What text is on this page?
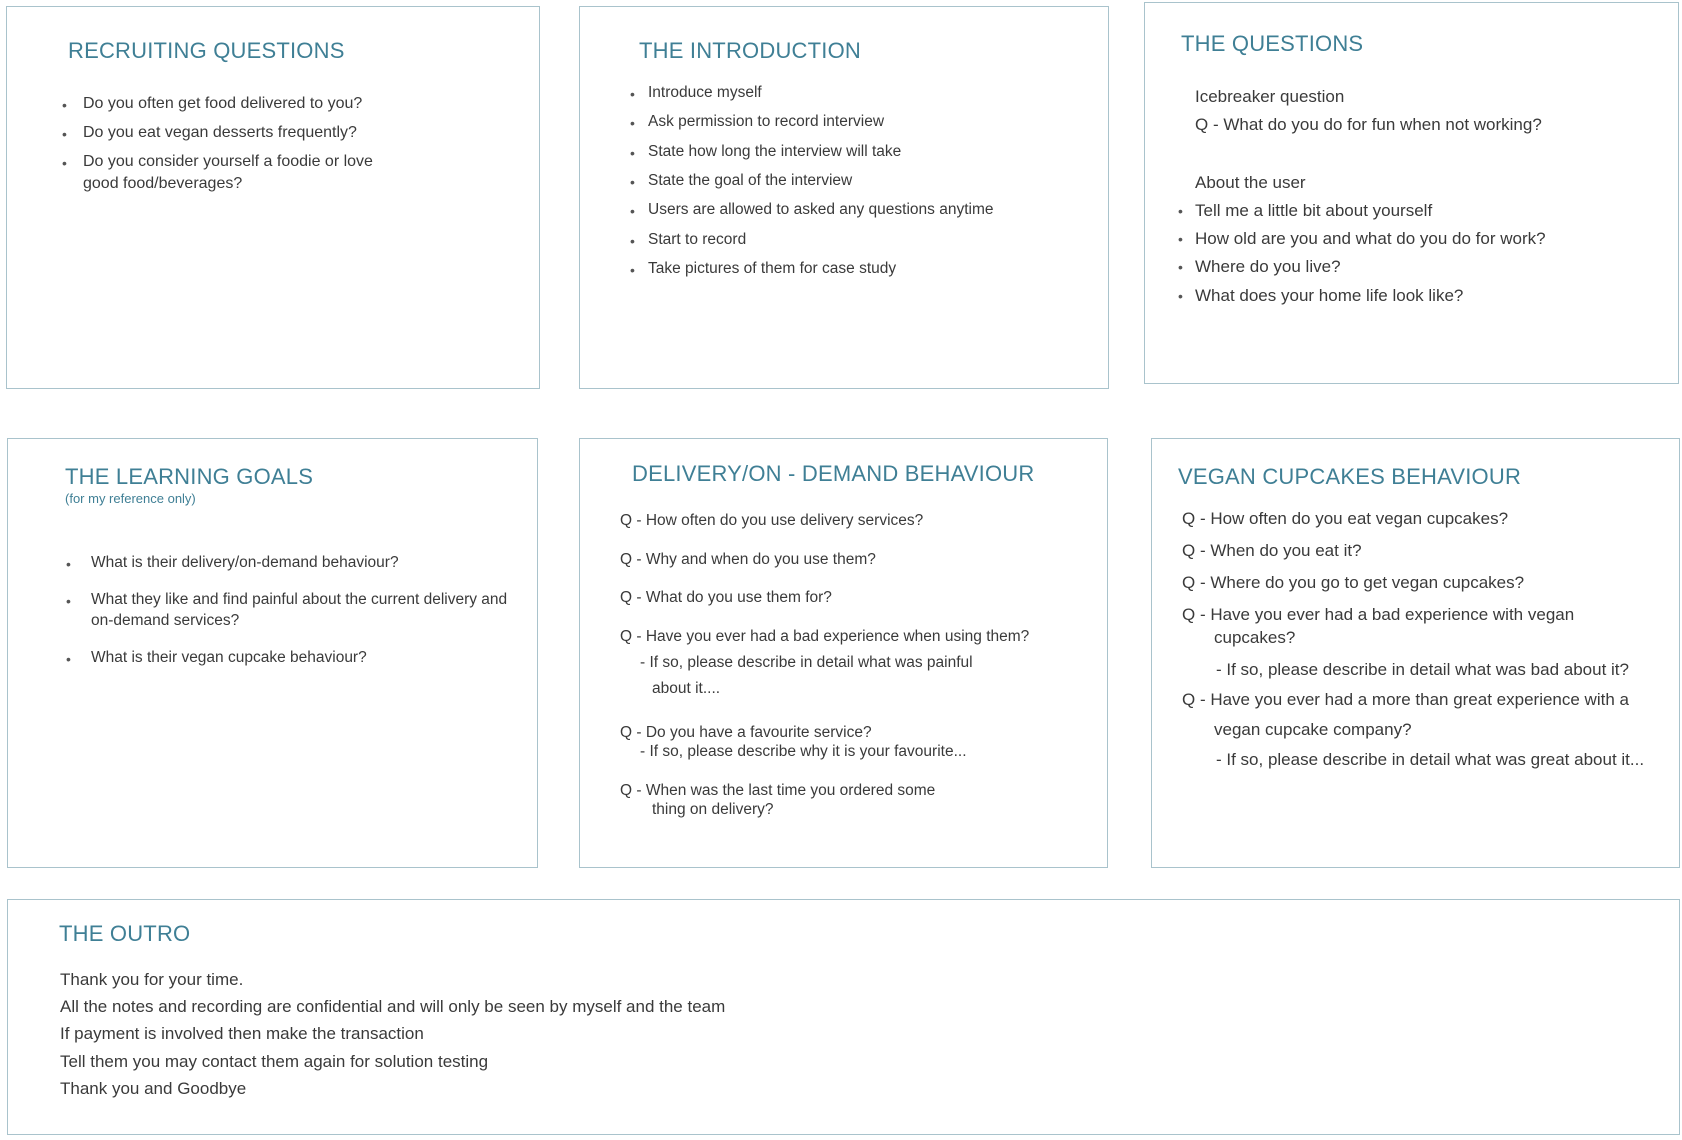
RECRUITING QUESTIONS
• Do you often get food delivered to you?
• Do you eat vegan desserts frequently?
• Do you consider yourself a foodie or love
good food/beverages?
THE INTRODUCTION
• Introduce myself
• Ask permission to record interview
• State how long the interview will take
• State the goal of the interview
• Users are allowed to asked any questions anytime
• Start to record
• Take pictures of them for case study
THE QUESTIONS
Icebreaker question
Q - What do you do for fun when not working?
About the user
• Tell me a little bit about yourself
• How old are you and what do you do for work?
• Where do you live?
• What does your home life look like?
THE LEARNING GOALS
(for my reference only)
• What is their delivery/on-demand behaviour?
• What they like and find painful about the current delivery and
on-demand services?
• What is their vegan cupcake behaviour?
DELIVERY/ON - DEMAND BEHAVIOUR
Q - How often do you use delivery services?
Q - Why and when do you use them?
Q - What do you use them for?
Q - Have you ever had a bad experience when using them?
- If so, please describe in detail what was painful
about it....
Q - Do you have a favourite service?
- If so, please describe why it is your favourite...
Q - When was the last time you ordered some
thing on delivery?
VEGAN CUPCAKES BEHAVIOUR
Q - How often do you eat vegan cupcakes?
Q - When do you eat it?
Q - Where do you go to get vegan cupcakes?
Q - Have you ever had a bad experience with vegan
cupcakes?
- If so, please describe in detail what was bad about it?
Q - Have you ever had a more than great experience with a
vegan cupcake company?
- If so, please describe in detail what was great about it...
THE OUTRO
Thank you for your time.
All the notes and recording are confidential and will only be seen by myself and the team
If payment is involved then make the transaction
Tell them you may contact them again for solution testing
Thank you and Goodbye
